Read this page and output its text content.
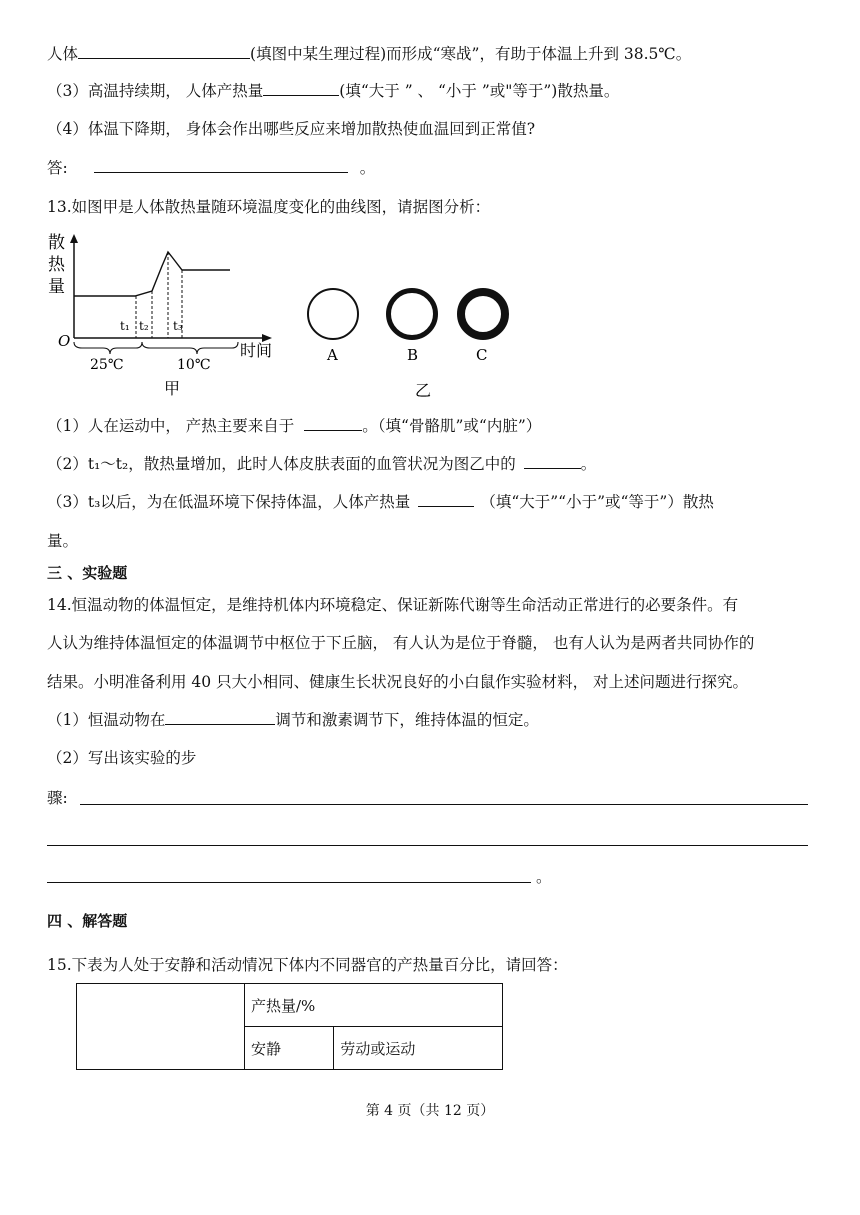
人体	(填图中某生理过程)而形成“寒战”，有助于体温上升到 38.5℃。
（3）高温持续期， 人体产热量	(填“大于 ” 、 “小于 ”或"等于”)散热量。
（4）体温下降期， 身体会作出哪些反应来增加散热使血温回到正常值?
答:	。
13.如图甲是人体散热量随环境温度变化的曲线图，请据图分析：
散
热
量
O	时间
t₁ t₂ t₃
25℃	10℃
甲
A	B	C
乙
（1）人在运动中， 产热主要来自于	。（填“骨骼肌”或“内脏”）
（2）t₁～t₂，散热量增加，此时人体皮肤表面的血管状况为图乙中的	。
（3）t₃以后，为在低温环境下保持体温，人体产热量	（填“大于”“小于”或“等于”）散热
量。
三 、实验题
14.恒温动物的体温恒定，是维持机体内环境稳定、保证新陈代谢等生命活动正常进行的必要条件。有
人认为维持体温恒定的体温调节中枢位于下丘脑， 有人认为是位于脊髓， 也有人认为是两者共同协作的
结果。小明准备利用 40 只大小相同、健康生长状况良好的小白鼠作实验材料， 对上述问题进行探究。
（1）恒温动物在	调节和激素调节下，维持体温的恒定。
（2）写出该实验的步
骤:
。
四 、解答题
15.下表为人处于安静和活动情况下体内不同器官的产热量百分比，请回答：
	产热量/%	
	安静	劳动或运动
第 4 页（共 12 页）
